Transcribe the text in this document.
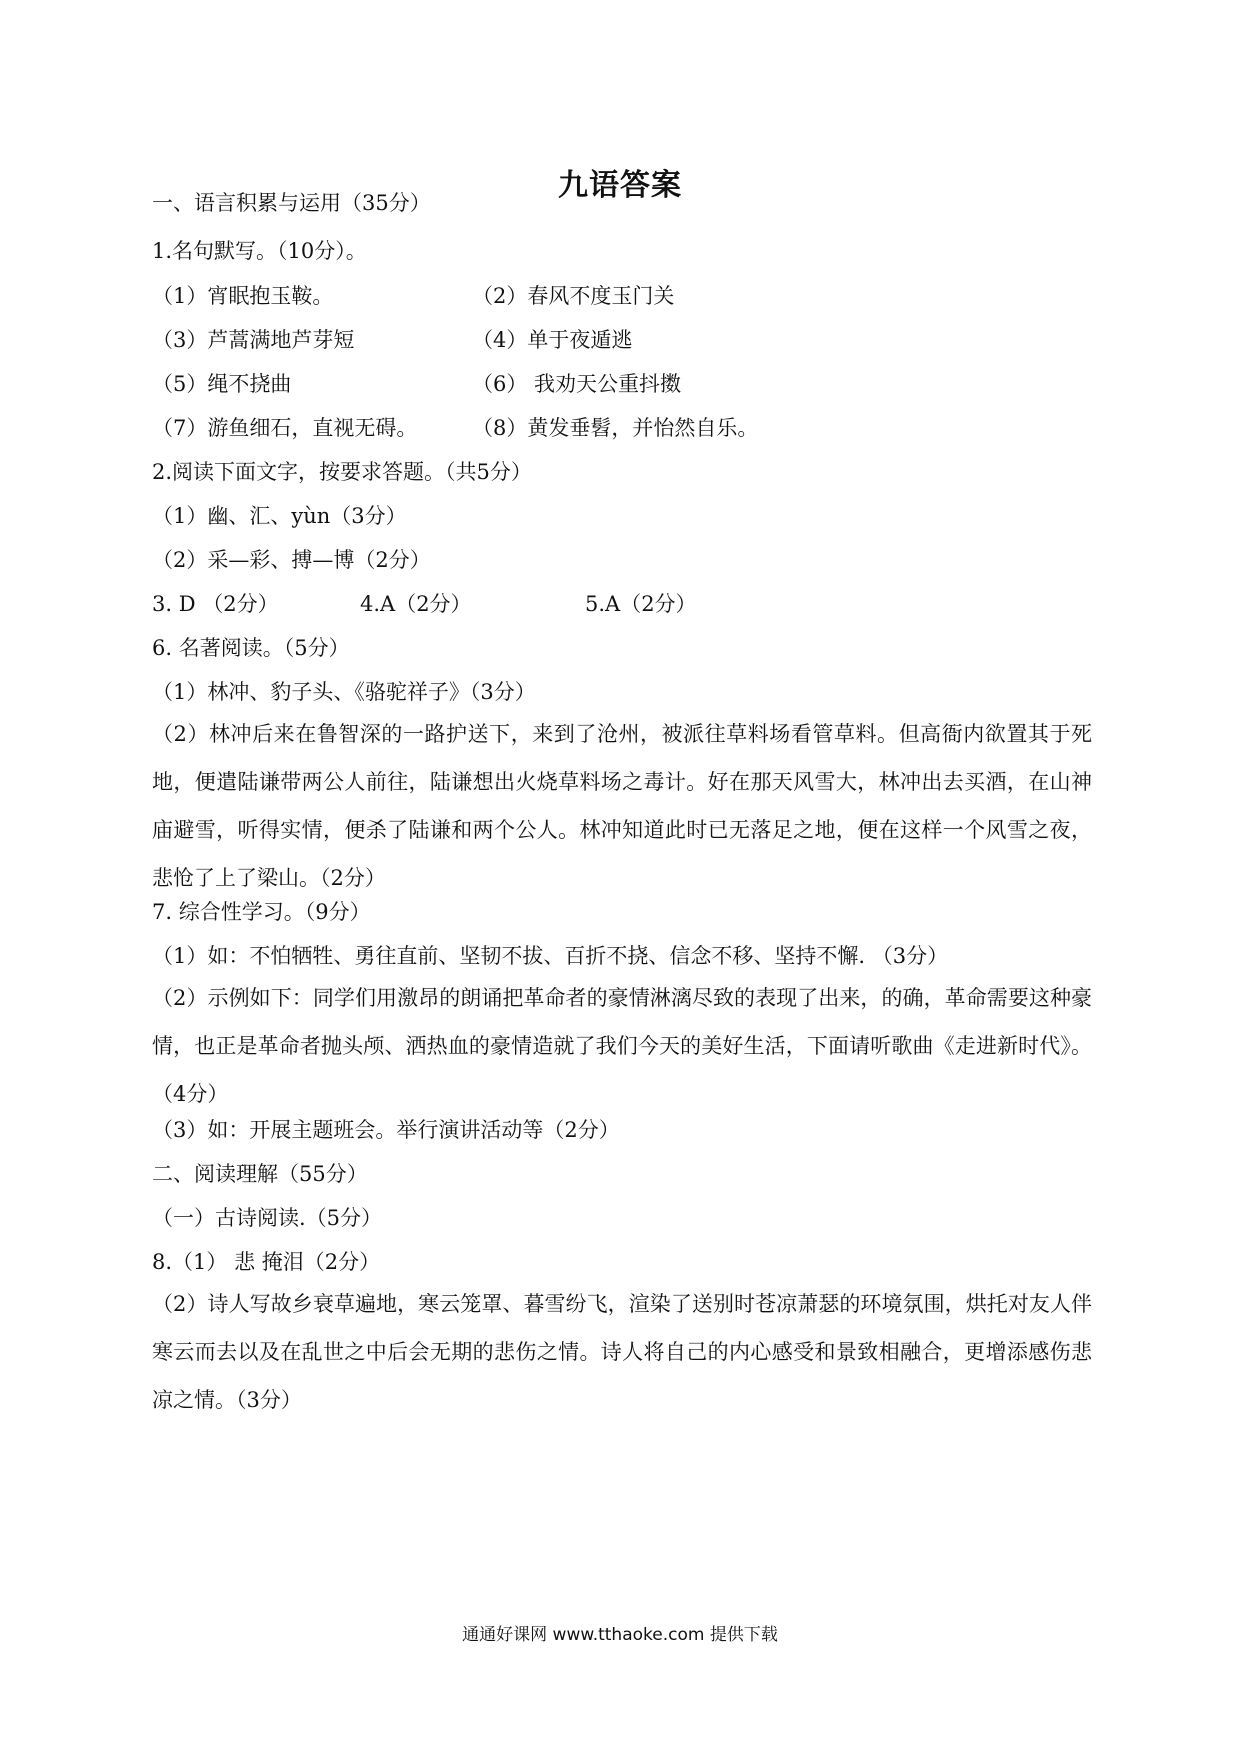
九语答案
一、语言积累与运用（35分）
1.名句默写。（10分）。
（1）宵眠抱玉鞍。	（2）春风不度玉门关
（3）芦蒿满地芦芽短	（4）单于夜遁逃
（5）绳不挠曲	（6） 我劝天公重抖擞
（7）游鱼细石，直视无碍。	（8）黄发垂髫，并怡然自乐。
2.阅读下面文字，按要求答题。（共5分）
（1）幽、汇、yùn（3分）
（2）采—彩、搏—博（2分）
3. D （2分）	4.A（2分）	5.A（2分）
6. 名著阅读。（5分）
（1）林冲、豹子头、《骆驼祥子》（3分）
（2）林冲后来在鲁智深的一路护送下，来到了沧州，被派往草料场看管草料。但高衙内欲置其于死地，便遣陆谦带两公人前往，陆谦想出火烧草料场之毒计。好在那天风雪大，林冲出去买酒，在山神庙避雪，听得实情，便杀了陆谦和两个公人。林冲知道此时已无落足之地，便在这样一个风雪之夜，悲怆了上了梁山。（2分）
7. 综合性学习。（9分）
（1）如：不怕牺牲、勇往直前、坚韧不拔、百折不挠、信念不移、坚持不懈. （3分）
（2）示例如下：同学们用激昂的朗诵把革命者的豪情淋漓尽致的表现了出来，的确，革命需要这种豪情，也正是革命者抛头颅、洒热血的豪情造就了我们今天的美好生活，下面请听歌曲《走进新时代》。（4分）
（3）如：开展主题班会。举行演讲活动等（2分）
二、阅读理解（55分）
（一）古诗阅读.（5分）
8.（1） 悲 掩泪（2分）
（2）诗人写故乡衰草遍地，寒云笼罩、暮雪纷飞，渲染了送别时苍凉萧瑟的环境氛围，烘托对友人伴寒云而去以及在乱世之中后会无期的悲伤之情。诗人将自己的内心感受和景致相融合，更增添感伤悲凉之情。（3分）
通通好课网 www.tthaoke.com 提供下载
